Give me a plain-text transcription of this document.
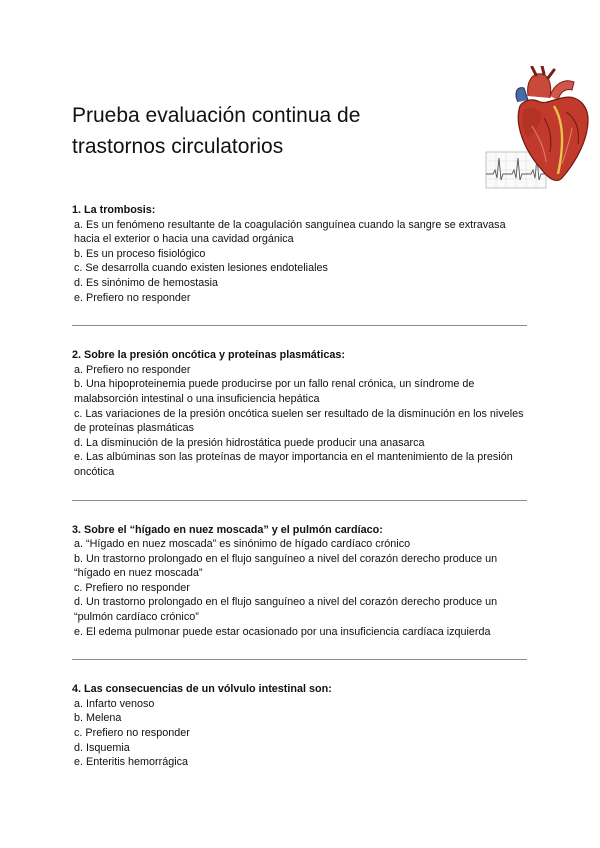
Prueba evaluación continua de trastornos circulatorios
1. La trombosis:
a. Es un fenómeno resultante de la coagulación sanguínea cuando la sangre se extravasa hacia el exterior o hacia una cavidad orgánica
b. Es un proceso fisiológico
c. Se desarrolla cuando existen lesiones endoteliales
d. Es sinónimo de hemostasia
e. Prefiero no responder
2. Sobre la presión oncótica y proteínas plasmáticas:
a. Prefiero no responder
b. Una hipoproteinemia puede producirse por un fallo renal crónica, un síndrome de malabsorción intestinal o una insuficiencia hepática
c. Las variaciones de la presión oncótica suelen ser resultado de la disminución en los niveles de proteínas plasmáticas
d. La disminución de la presión hidrostática puede producir una anasarca
e. Las albúminas son las proteínas de mayor importancia en el mantenimiento de la presión oncótica
3. Sobre el “hígado en nuez moscada” y el pulmón cardíaco:
a. “Hígado en nuez moscada” es sinónimo de hígado cardíaco crónico
b. Un trastorno prolongado en el flujo sanguíneo a nivel del corazón derecho produce un “hígado en nuez moscada”
c. Prefiero no responder
d. Un trastorno prolongado en el flujo sanguíneo a nivel del corazón derecho produce un “pulmón cardíaco crónico”
e. El edema pulmonar puede estar ocasionado por una insuficiencia cardíaca izquierda
4. Las consecuencias de un vólvulo intestinal son:
a. Infarto venoso
b. Melena
c. Prefiero no responder
d. Isquemia
e. Enteritis hemorrágica
